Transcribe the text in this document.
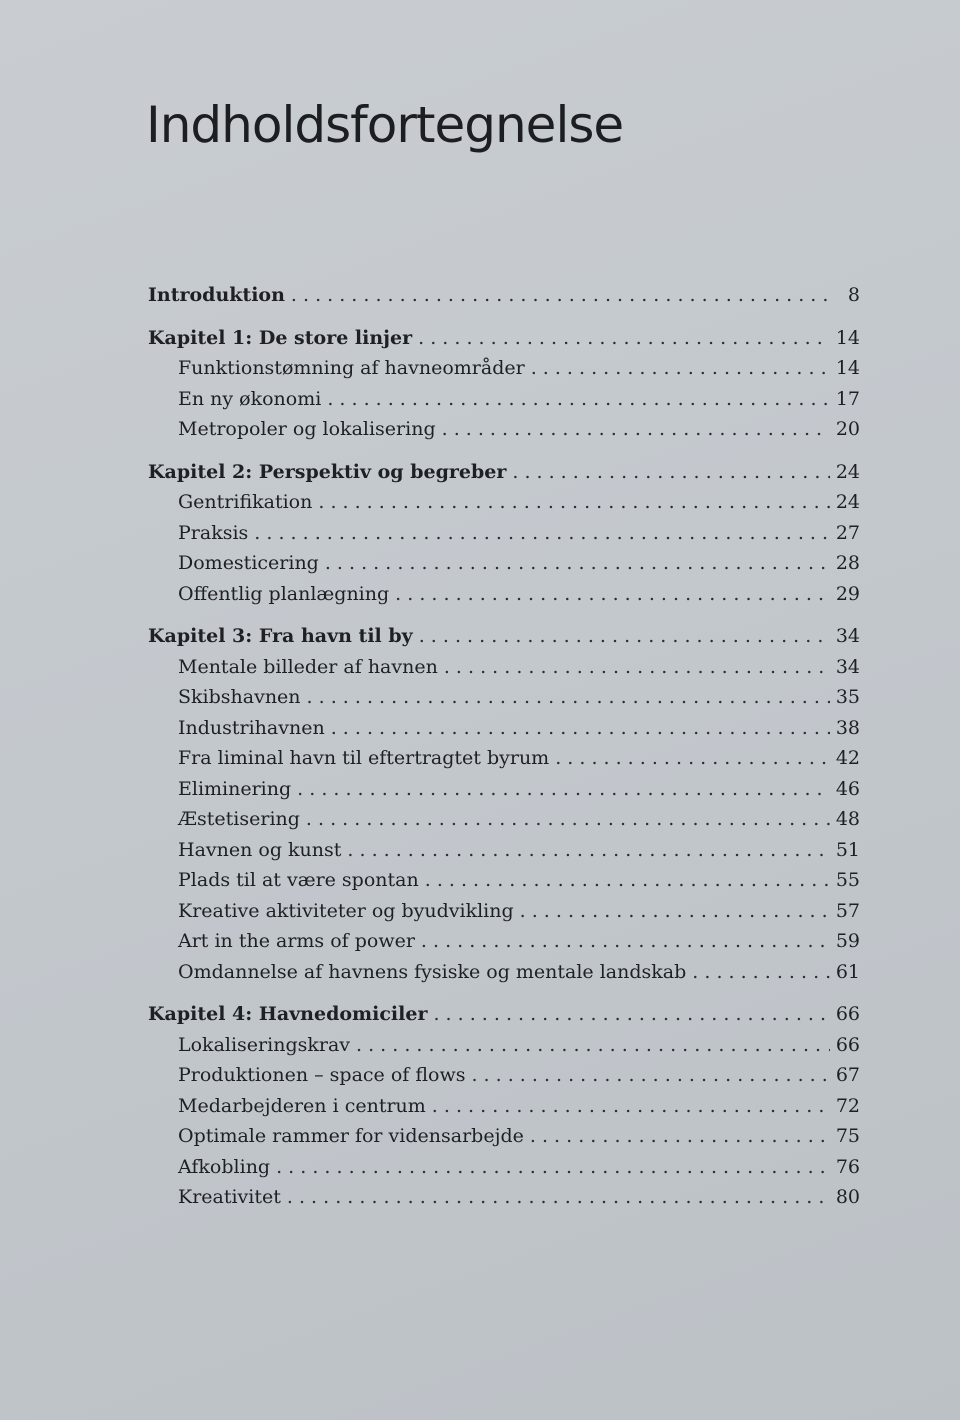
Indholdsfortegnelse
Introduktion . . .	8
Kapitel 1: De store linjer . . .	14
Funktionstømning af havneområder . . .	14
En ny økonomi . . .	17
Metropoler og lokalisering . . .	20
Kapitel 2: Perspektiv og begreber . . .	24
Gentrifikation . . .	24
Praksis . . .	27
Domesticering . . .	28
Offentlig planlægning . . .	29
Kapitel 3: Fra havn til by . . .	34
Mentale billeder af havnen . . .	34
Skibshavnen . . .	35
Industrihavnen . . .	38
Fra liminal havn til eftertragtet byrum . . .	42
Eliminering . . .	46
Æstetisering . . .	48
Havnen og kunst . . .	51
Plads til at være spontan . . .	55
Kreative aktiviteter og byudvikling . . .	57
Art in the arms of power . . .	59
Omdannelse af havnens fysiske og mentale landskab . . .	61
Kapitel 4: Havnedomiciler . . .	66
Lokaliseringskrav . . .	66
Produktionen – space of flows . . .	67
Medarbejderen i centrum . . .	72
Optimale rammer for vidensarbejde . . .	75
Afkobling . . .	76
Kreativitet . . .	80
